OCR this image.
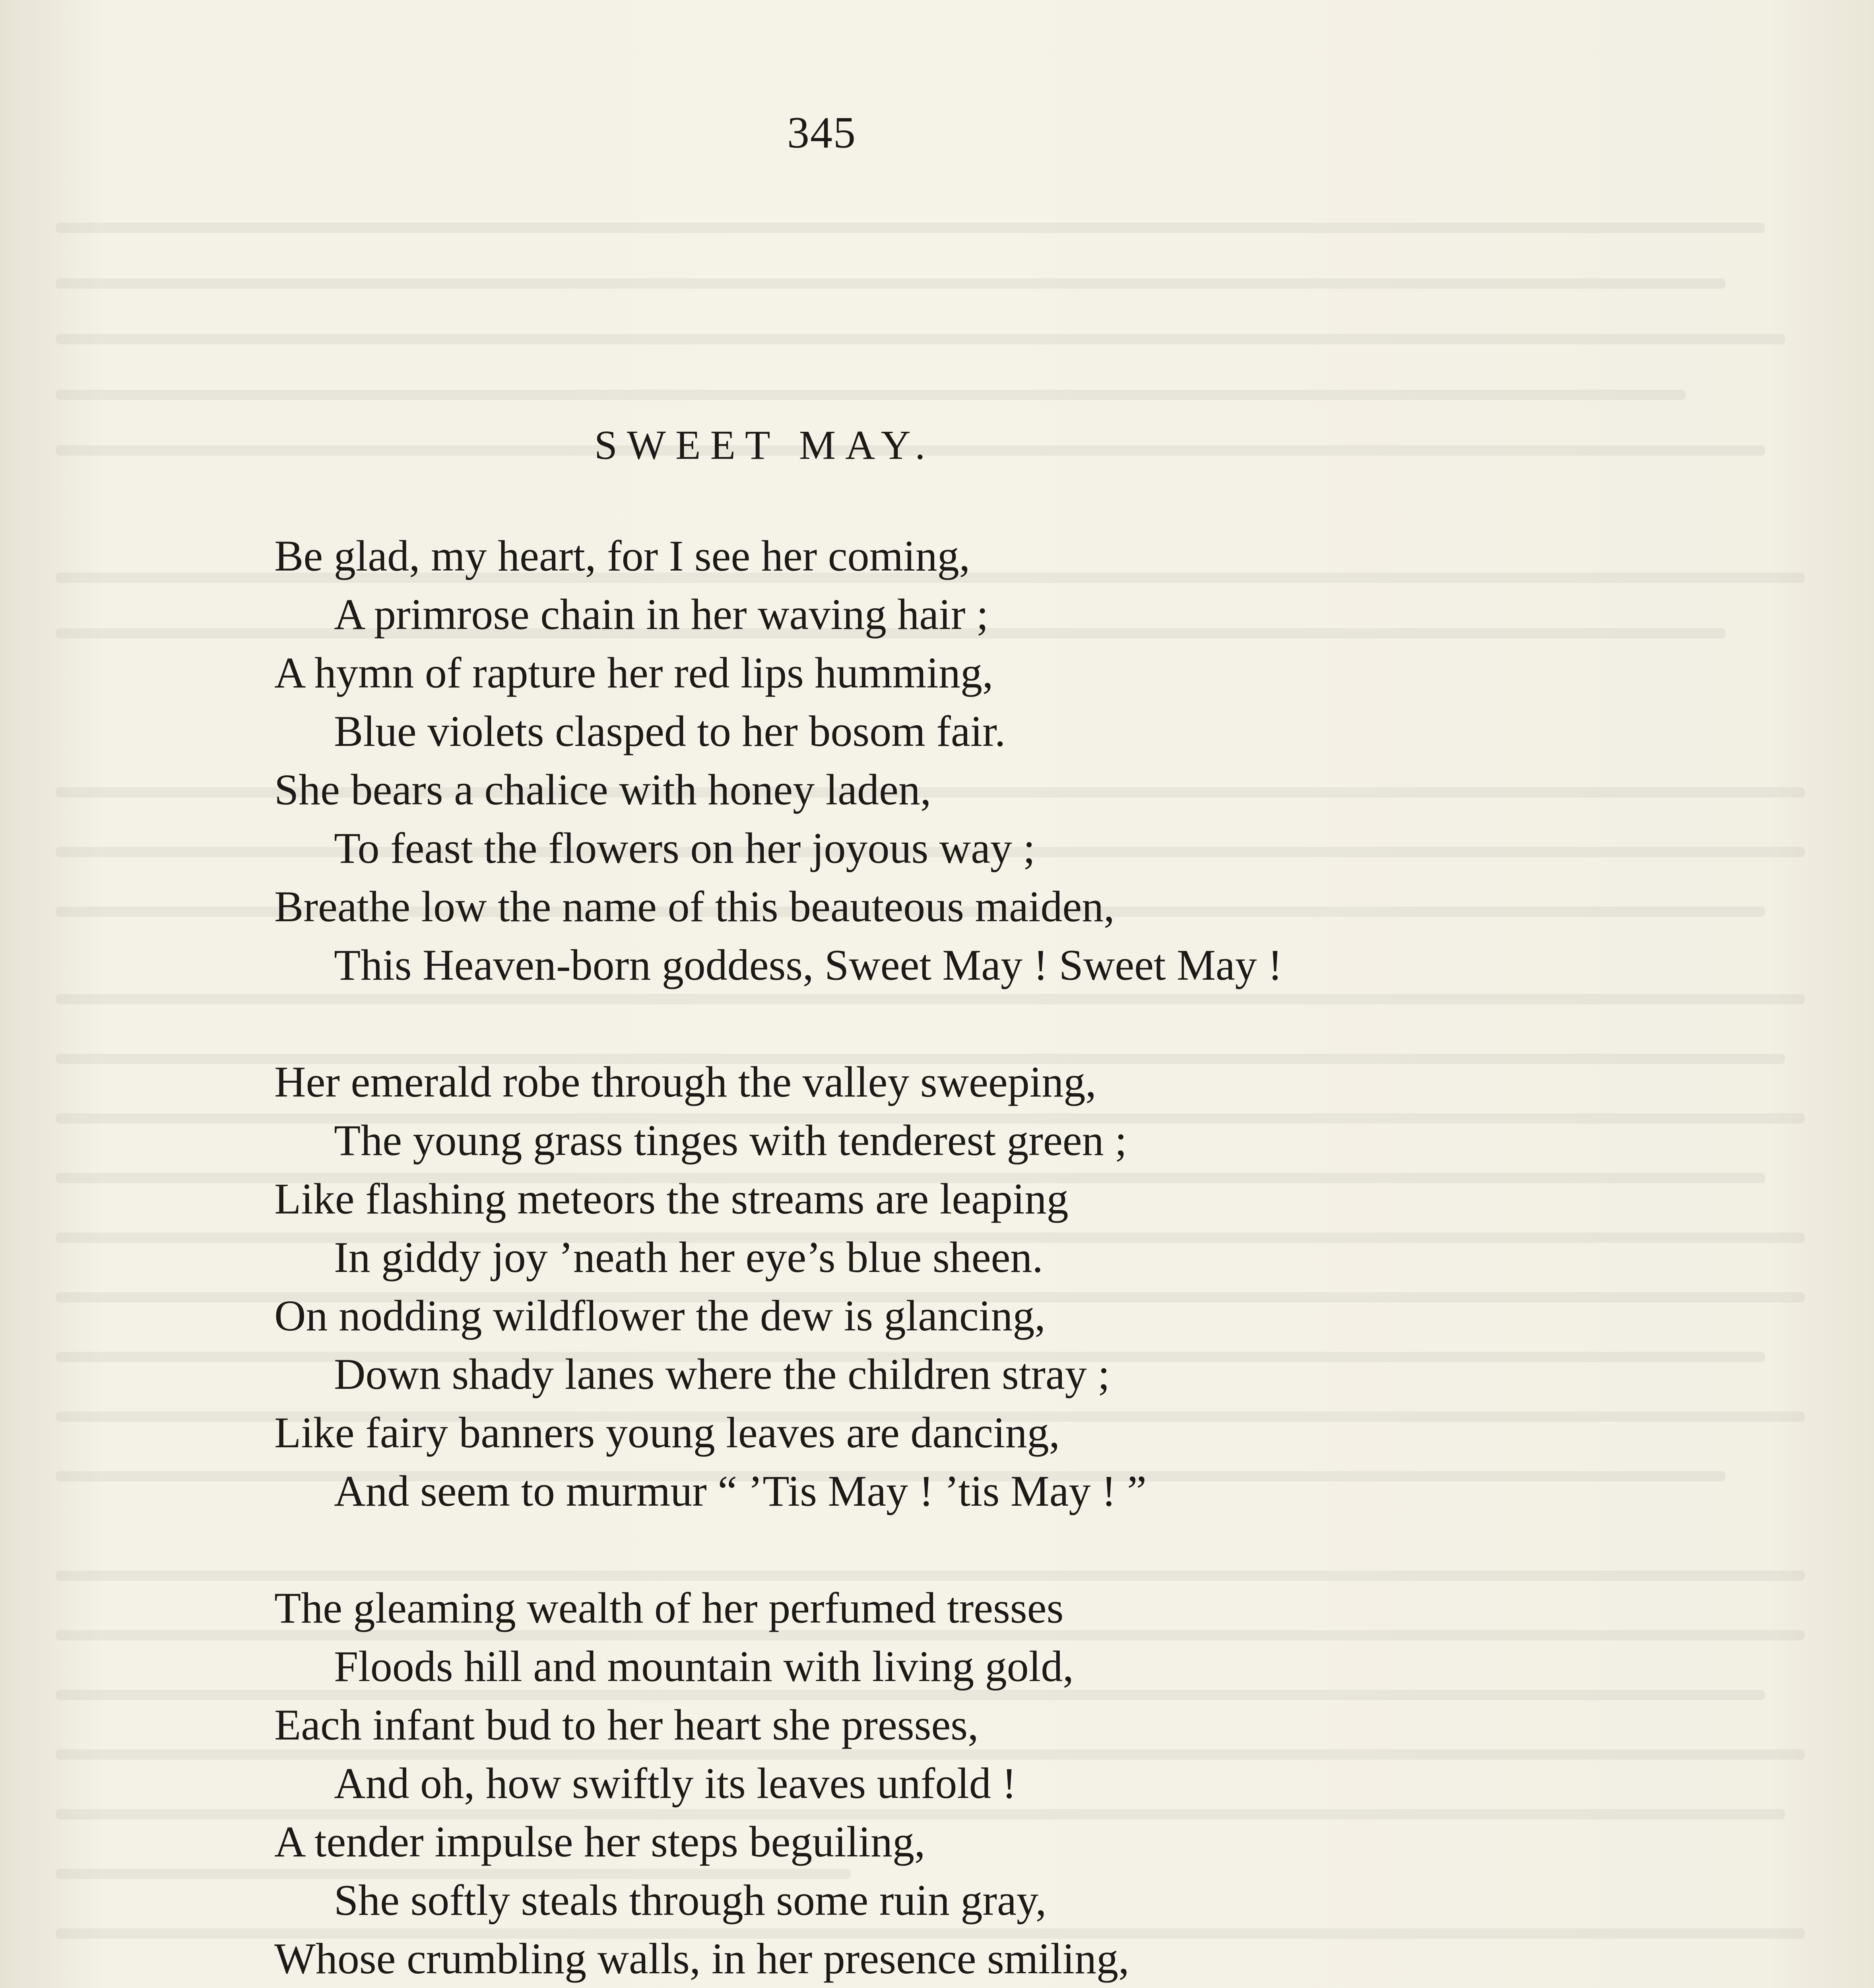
345
SWEET MAY.
Be glad, my heart, for I see her coming,
A primrose chain in her waving hair ;
A hymn of rapture her red lips humming,
Blue violets clasped to her bosom fair.
She bears a chalice with honey laden,
To feast the flowers on her joyous way ;
Breathe low the name of this beauteous maiden,
This Heaven-born goddess, Sweet May ! Sweet May !
Her emerald robe through the valley sweeping,
The young grass tinges with tenderest green ;
Like flashing meteors the streams are leaping
In giddy joy ’neath her eye’s blue sheen.
On nodding wildflower the dew is glancing,
Down shady lanes where the children stray ;
Like fairy banners young leaves are dancing,
And seem to murmur “ ’Tis May ! ’tis May ! ”
The gleaming wealth of her perfumed tresses
Floods hill and mountain with living gold,
Each infant bud to her heart she presses,
And oh, how swiftly its leaves unfold !
A tender impulse her steps beguiling,
She softly steals through some ruin gray,
Whose crumbling walls, in her presence smiling,
